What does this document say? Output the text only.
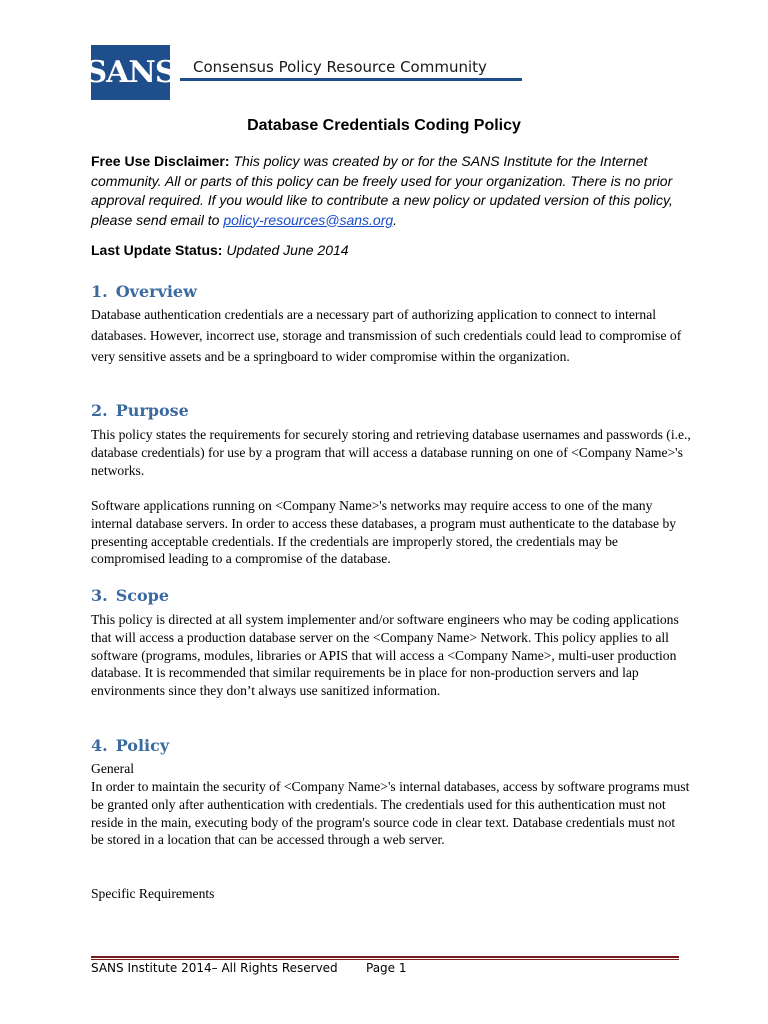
SANS Consensus Policy Resource Community
Database Credentials Coding Policy
Free Use Disclaimer: This policy was created by or for the SANS Institute for the Internet community. All or parts of this policy can be freely used for your organization. There is no prior approval required. If you would like to contribute a new policy or updated version of this policy, please send email to policy-resources@sans.org.
Last Update Status: Updated June 2014
1. Overview
Database authentication credentials are a necessary part of authorizing application to connect to internal databases. However, incorrect use, storage and transmission of such credentials could lead to compromise of very sensitive assets and be a springboard to wider compromise within the organization.
2. Purpose
This policy states the requirements for securely storing and retrieving database usernames and passwords (i.e., database credentials) for use by a program that will access a database running on one of <Company Name>'s networks.
Software applications running on <Company Name>'s networks may require access to one of the many internal database servers. In order to access these databases, a program must authenticate to the database by presenting acceptable credentials. If the credentials are improperly stored, the credentials may be compromised leading to a compromise of the database.
3. Scope
This policy is directed at all system implementer and/or software engineers who may be coding applications that will access a production database server on the <Company Name> Network. This policy applies to all software (programs, modules, libraries or APIS that will access a <Company Name>, multi-user production database. It is recommended that similar requirements be in place for non-production servers and lap environments since they don’t always use sanitized information.
4. Policy
General
In order to maintain the security of <Company Name>'s internal databases, access by software programs must be granted only after authentication with credentials. The credentials used for this authentication must not reside in the main, executing body of the program's source code in clear text. Database credentials must not be stored in a location that can be accessed through a web server.
Specific Requirements
SANS Institute 2014– All Rights Reserved Page 1
